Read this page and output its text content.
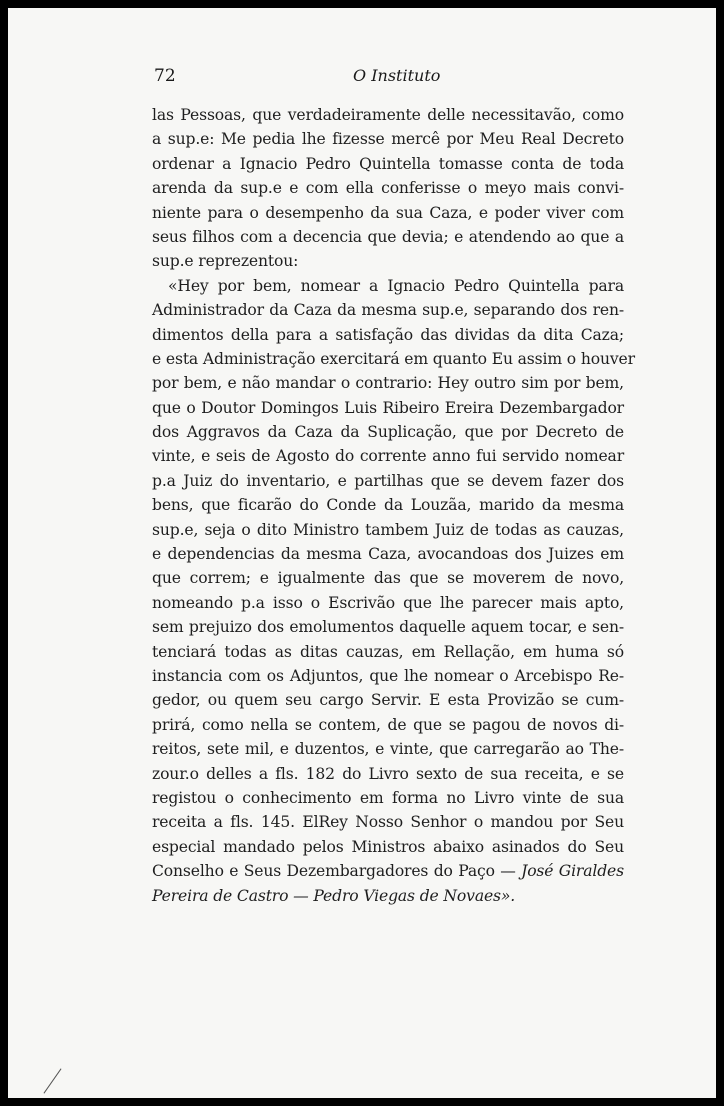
72	O Instituto
las Pessoas, que verdadeiramente delle necessitavão, como
a sup.e: Me pedia lhe fizesse mercê por Meu Real Decreto
ordenar a Ignacio Pedro Quintella tomasse conta de toda
arenda da sup.e e com ella conferisse o meyo mais convi-
niente para o desempenho da sua Caza, e poder viver com
seus filhos com a decencia que devia; e atendendo ao que a
sup.e reprezentou:
«Hey por bem, nomear a Ignacio Pedro Quintella para
Administrador da Caza da mesma sup.e, separando dos ren-
dimentos della para a satisfação das dividas da dita Caza;
e esta Administração exercitará em quanto Eu assim o houver
por bem, e não mandar o contrario: Hey outro sim por bem,
que o Doutor Domingos Luis Ribeiro Ereira Dezembargador
dos Aggravos da Caza da Suplicação, que por Decreto de
vinte, e seis de Agosto do corrente anno fui servido nomear
p.a Juiz do inventario, e partilhas que se devem fazer dos
bens, que ficarão do Conde da Louzãa, marido da mesma
sup.e, seja o dito Ministro tambem Juiz de todas as cauzas,
e dependencias da mesma Caza, avocandoas dos Juizes em
que correm; e igualmente das que se moverem de novo,
nomeando p.a isso o Escrivão que lhe parecer mais apto,
sem prejuizo dos emolumentos daquelle aquem tocar, e sen-
tenciará todas as ditas cauzas, em Rellação, em huma só
instancia com os Adjuntos, que lhe nomear o Arcebispo Re-
gedor, ou quem seu cargo Servir. E esta Provizão se cum-
prirá, como nella se contem, de que se pagou de novos di-
reitos, sete mil, e duzentos, e vinte, que carregarão ao The-
zour.o delles a fls. 182 do Livro sexto de sua receita, e se
registou o conhecimento em forma no Livro vinte de sua
receita a fls. 145. ElRey Nosso Senhor o mandou por Seu
especial mandado pelos Ministros abaixo asinados do Seu
Conselho e Seus Dezembargadores do Paço — José Giraldes
Pereira de Castro — Pedro Viegas de Novaes».
